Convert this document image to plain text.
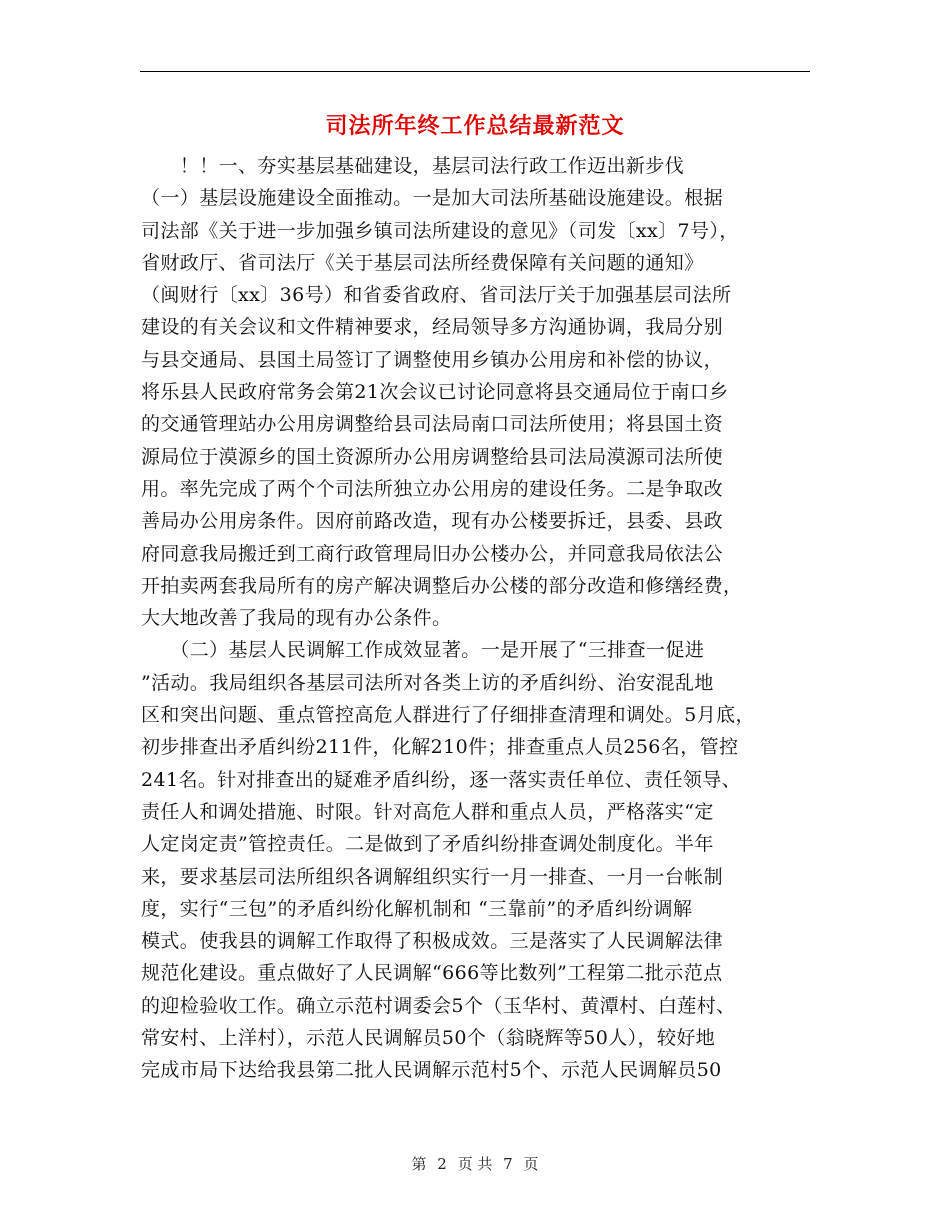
司法所年终工作总结最新范文
　　！！一、夯实基层基础建设，基层司法行政工作迈出新步伐
（一）基层设施建设全面推动。一是加大司法所基础设施建设。根据
司法部《关于进一步加强乡镇司法所建设的意见》（司发〔xx〕7号），
省财政厅、省司法厅《关于基层司法所经费保障有关问题的通知》
（闽财行〔xx〕36号）和省委省政府、省司法厅关于加强基层司法所
建设的有关会议和文件精神要求，经局领导多方沟通协调，我局分别
与县交通局、县国土局签订了调整使用乡镇办公用房和补偿的协议，
将乐县人民政府常务会第21次会议已讨论同意将县交通局位于南口乡
的交通管理站办公用房调整给县司法局南口司法所使用；将县国土资
源局位于漠源乡的国土资源所办公用房调整给县司法局漠源司法所使
用。率先完成了两个个司法所独立办公用房的建设任务。二是争取改
善局办公用房条件。因府前路改造，现有办公楼要拆迁，县委、县政
府同意我局搬迁到工商行政管理局旧办公楼办公，并同意我局依法公
开拍卖两套我局所有的房产解决调整后办公楼的部分改造和修缮经费，
大大地改善了我局的现有办公条件。
　　（二）基层人民调解工作成效显著。一是开展了“三排查一促进
”活动。我局组织各基层司法所对各类上访的矛盾纠纷、治安混乱地
区和突出问题、重点管控高危人群进行了仔细排查清理和调处。5月底，
初步排查出矛盾纠纷211件，化解210件；排查重点人员256名，管控
241名。针对排查出的疑难矛盾纠纷，逐一落实责任单位、责任领导、
责任人和调处措施、时限。针对高危人群和重点人员，严格落实“定
人定岗定责”管控责任。二是做到了矛盾纠纷排查调处制度化。半年
来，要求基层司法所组织各调解组织实行一月一排查、一月一台帐制
度，实行“三包”的矛盾纠纷化解机制和 “三靠前”的矛盾纠纷调解
模式。使我县的调解工作取得了积极成效。三是落实了人民调解法律
规范化建设。重点做好了人民调解“666等比数列”工程第二批示范点
的迎检验收工作。确立示范村调委会5个（玉华村、黄潭村、白莲村、
常安村、上洋村），示范人民调解员50个（翁晓辉等50人），较好地
完成市局下达给我县第二批人民调解示范村5个、示范人民调解员50
第 2 页 共 7 页
